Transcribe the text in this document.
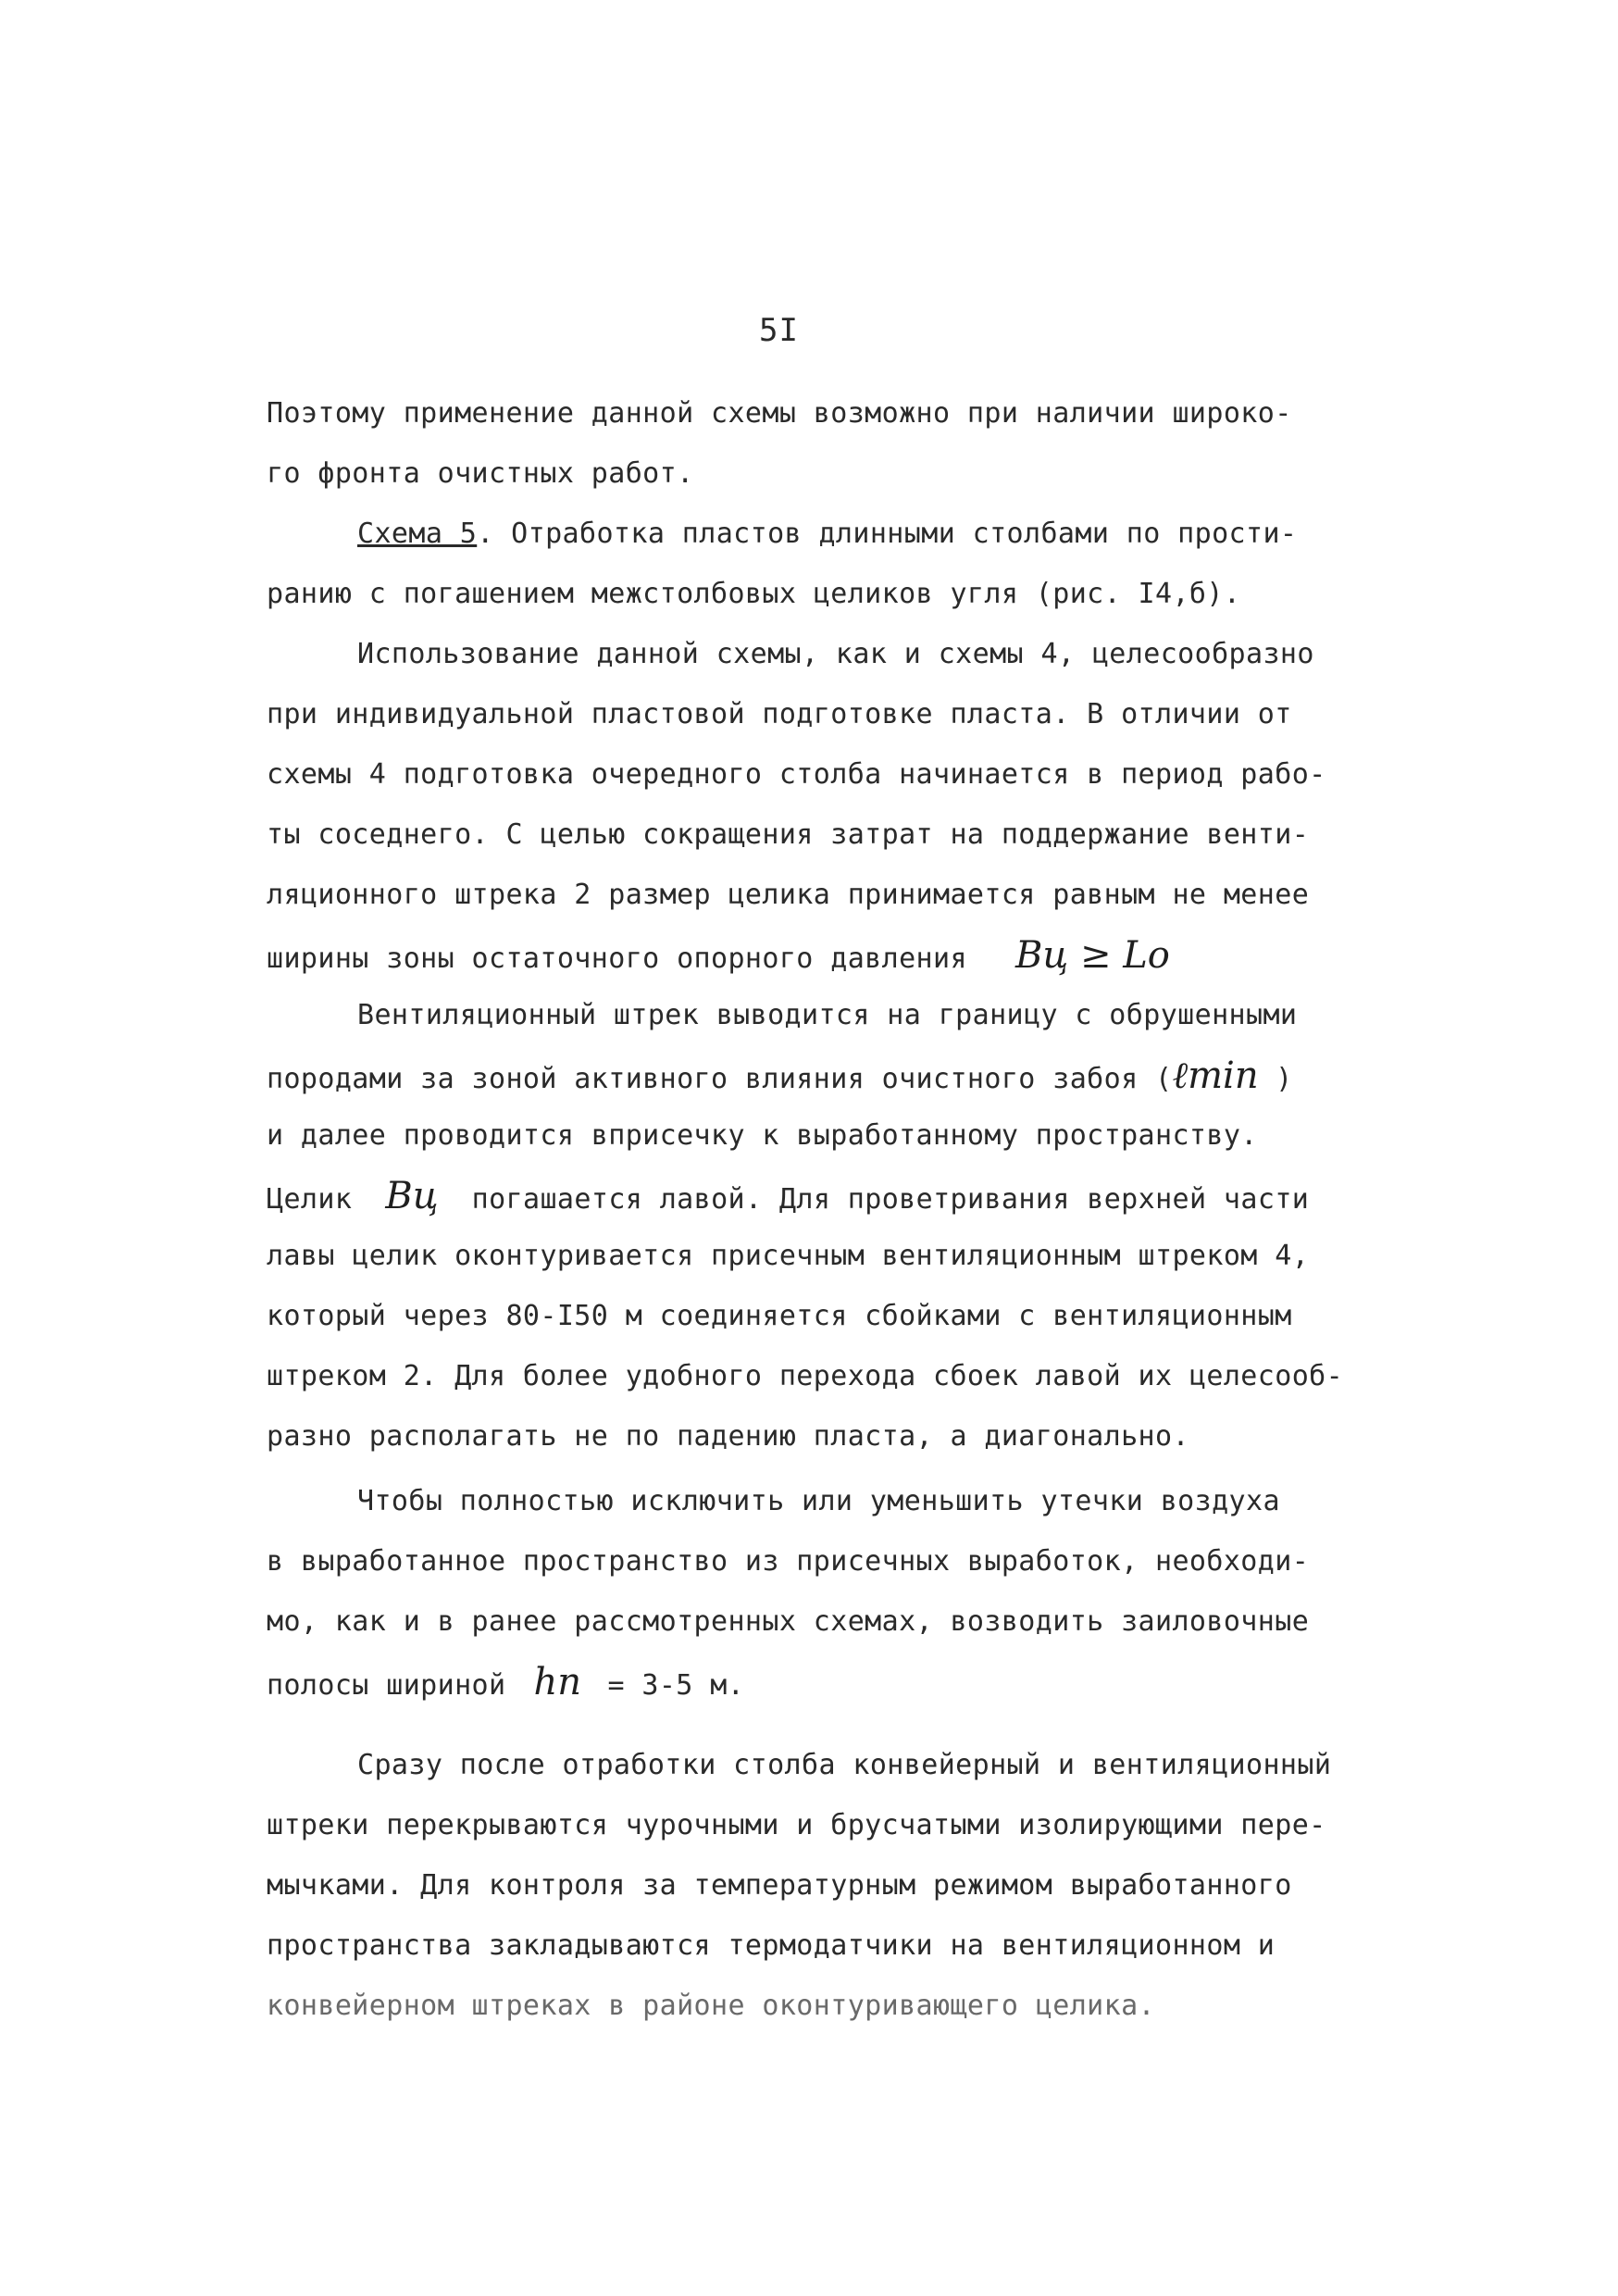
5I
Поэтому применение данной схемы возможно при наличии широко-
го фронта очистных работ.
Схема 5. Отработка пластов длинными столбами по прости-
ранию с погашением межстолбовых целиков угля (рис. I4,б).
Использование данной схемы, как и схемы 4, целесообразно
при индивидуальной пластовой подготовке пласта. В отличии от
схемы 4 подготовка очередного столба начинается в период рабо-
ты соседнего. С целью сокращения затрат на поддержание венти-
ляционного штрека 2 размер целика принимается равным не менее
ширины зоны остаточного опорного давления Вц ≥ Lо
Вентиляционный штрек выводится на границу с обрушенными
породами за зоной активного влияния очистного забоя (ℓmin )
и далее проводится вприсечку к выработанному пространству.
Целик Вц погашается лавой. Для проветривания верхней части
лавы целик оконтуривается присечным вентиляционным штреком 4,
который через 80-I50 м соединяется сбойками с вентиляционным
штреком 2. Для более удобного перехода сбоек лавой их целесооб-
разно располагать не по падению пласта, а диагонально.
Чтобы полностью исключить или уменьшить утечки воздуха
в выработанное пространство из присечных выработок, необходи-
мо, как и в ранее рассмотренных схемах, возводить заиловочные
полосы шириной hп = 3-5 м.
Сразу после отработки столба конвейерный и вентиляционный
штреки перекрываются чурочными и брусчатыми изолирующими пере-
мычками. Для контроля за температурным режимом выработанного
пространства закладываются термодатчики на вентиляционном и
конвейерном штреках в районе оконтуривающего целика.
